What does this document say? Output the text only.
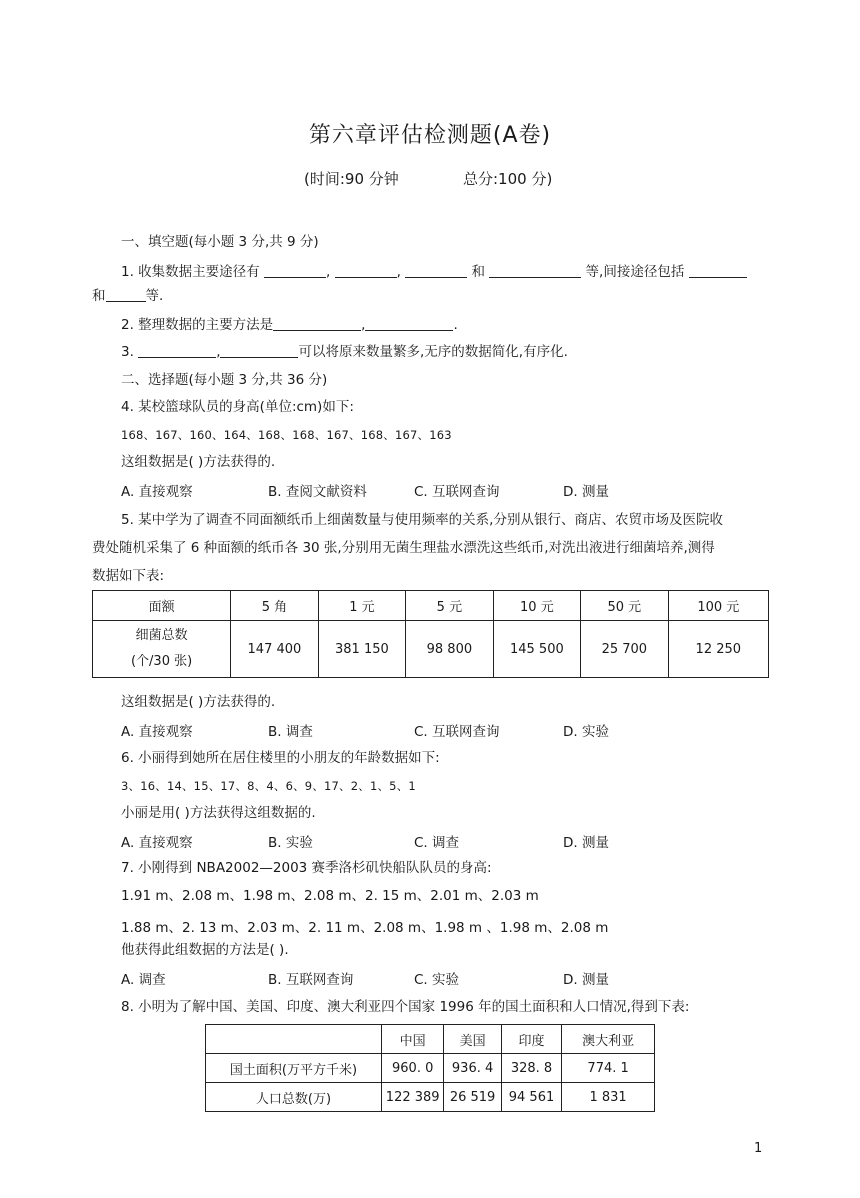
第六章评估检测题(A卷)
(时间:90 分钟	总分:100 分)
一、填空题(每小题 3 分,共 9 分)
1. 收集数据主要途径有	,	,	和	等,间接途径包括
和	等.
2. 整理数据的主要方法是	,	.
3.	,	可以将原来数量繁多,无序的数据简化,有序化.
二、选择题(每小题 3 分,共 36 分)
4. 某校篮球队员的身高(单位:cm)如下:
168、167、160、164、168、168、167、168、167、163
这组数据是( )方法获得的.
A. 直接观察	B. 查阅文献资料	C. 互联网查询	D. 测量
5. 某中学为了调查不同面额纸币上细菌数量与使用频率的关系,分别从银行、商店、农贸市场及医院收
费处随机采集了 6 种面额的纸币各 30 张,分别用无菌生理盐水漂洗这些纸币,对洗出液进行细菌培养,测得
数据如下表:
面额	5 角	1 元	5 元	10 元	50 元	100 元

细菌总数
(个/30 张)	147 400	381 150	98 800	145 500	25 700	12 250
这组数据是( )方法获得的.
A. 直接观察	B. 调查	C. 互联网查询	D. 实验
6. 小丽得到她所在居住楼里的小朋友的年龄数据如下:
3、16、14、15、17、8、4、6、9、17、2、1、5、1
小丽是用( )方法获得这组数据的.
A. 直接观察	B. 实验	C. 调查	D. 测量
7. 小刚得到 NBA2002—2003 赛季洛杉矶快船队队员的身高:
1.91 m、2.08 m、1.98 m、2.08 m、2. 15 m、2.01 m、2.03 m
1.88 m、2. 13 m、2.03 m、2. 11 m、2.08 m、1.98 m 、1.98 m、2.08 m
他获得此组数据的方法是( ).
A. 调查	B. 互联网查询	C. 实验	D. 测量
8. 小明为了解中国、美国、印度、澳大利亚四个国家 1996 年的国土面积和人口情况,得到下表:
	中国	美国	印度	澳大利亚
国土面积(万平方千米)	960. 0	936. 4	328. 8	774. 1
人口总数(万)	122 389	26 519	94 561	1 831
1
